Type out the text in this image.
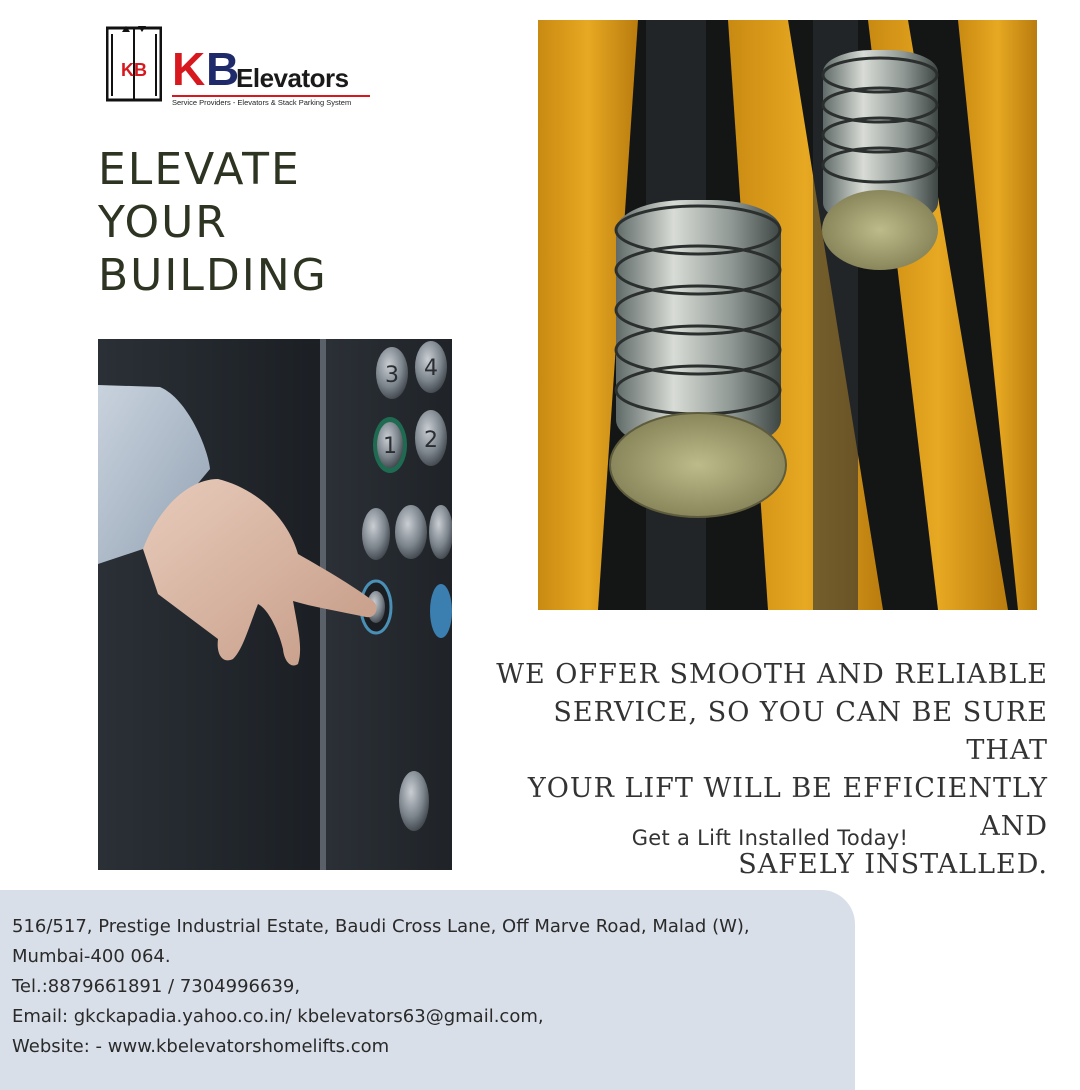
KB K B
Elevators
Service Providers - Elevators & Stack Parking System
ELEVATE
YOUR
BUILDING
3 4
1 2
WE OFFER SMOOTH AND RELIABLE
SERVICE, SO YOU CAN BE SURE THAT
YOUR LIFT WILL BE EFFICIENTLY AND
SAFELY INSTALLED.
Get a Lift Installed Today!
516/517, Prestige Industrial Estate, Baudi Cross Lane, Off Marve Road, Malad (W),
Mumbai-400 064.
Tel.:8879661891 / 7304996639,
Email: gkckapadia.yahoo.co.in/ kbelevators63@gmail.com,
Website: - www.kbelevatorshomelifts.com
